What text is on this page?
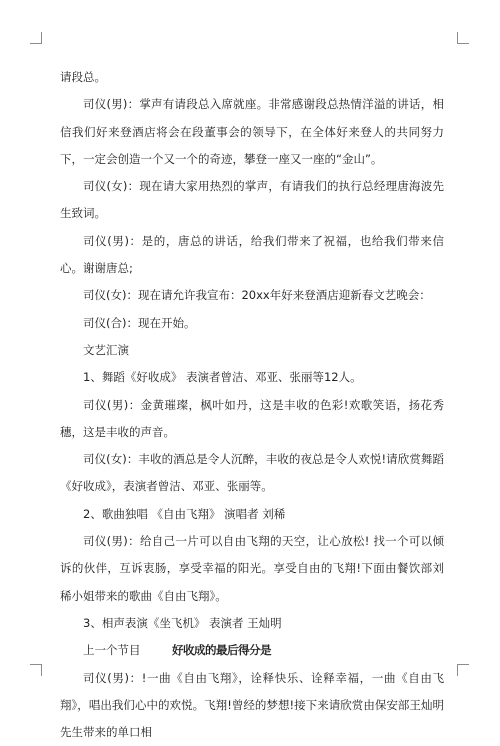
请段总。

司仪(男)：掌声有请段总入席就座。非常感谢段总热情洋溢的讲话，相信我们好来登酒店将会在段董事会的领导下，在全体好来登人的共同努力下，一定会创造一个又一个的奇迹，攀登一座又一座的“金山”。

司仪(女)：现在请大家用热烈的掌声，有请我们的执行总经理唐海波先生致词。

司仪(男)：是的，唐总的讲话，给我们带来了祝福，也给我们带来信心。谢谢唐总;

司仪(女)：现在请允许我宣布：20xx年好来登酒店迎新春文艺晚会：

司仪(合)：现在开始。

文艺汇演

1、舞蹈《好收成》 表演者曾洁、邓亚、张丽等12人。

司仪(男)：金黄璀璨，枫叶如丹，这是丰收的色彩!欢歌笑语，扬花秀穗，这是丰收的声音。

司仪(女)：丰收的酒总是令人沉醉，丰收的夜总是令人欢悦!请欣赏舞蹈《好收成》，表演者曾洁、邓亚、张丽等。

2、歌曲独唱 《自由飞翔》 演唱者 刘稀

司仪(男)：给自己一片可以自由飞翔的天空，让心放松! 找一个可以倾诉的伙伴，互诉衷肠，享受幸福的阳光。享受自由的飞翔!下面由餐饮部刘稀小姐带来的歌曲《自由飞翔》。

3、相声表演《坐飞机》 表演者 王灿明

上一个节目	好收成的最后得分是

司仪(男)：!一曲《自由飞翔》，诠释快乐、诠释幸福，一曲《自由飞翔》，唱出我们心中的欢悦。飞翔!曾经的梦想!接下来请欣赏由保安部王灿明先生带来的单口相
